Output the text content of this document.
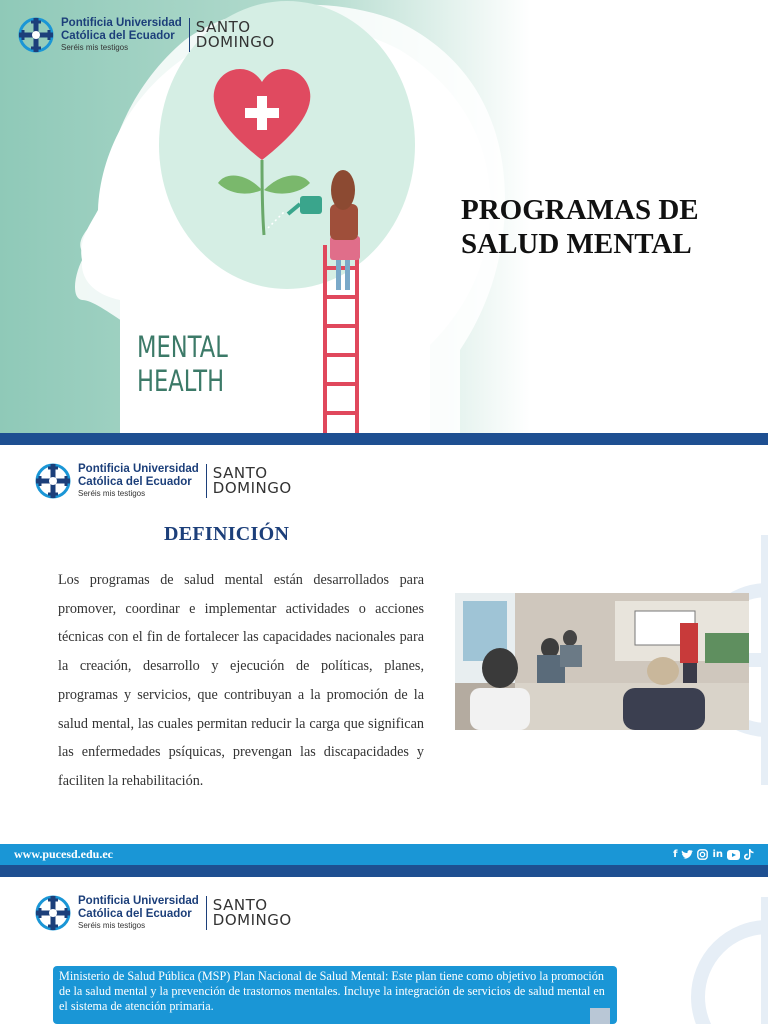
MENTAL
HEALTH
Pontificia Universidad
Católica del Ecuador
Seréis mis testigos
SANTO
DOMINGO
PROGRAMAS DE
SALUD MENTAL
Pontificia Universidad
Católica del Ecuador
Seréis mis testigos
SANTO
DOMINGO
DEFINICIÓN

Los programas de salud mental están desarrollados para promover, coordinar e implementar actividades o acciones técnicas con el fin de fortalecer las capacidades nacionales para la creación, desarrollo y ejecución de políticas, planes, programas y servicios, que contribuyan a la promoción de la salud mental, las cuales permitan reducir la carga que significan las enfermedades psíquicas, prevengan las discapacidades y faciliten la rehabilitación.

www.pucesd.edu.ec	f	in
Pontificia Universidad
Católica del Ecuador
Seréis mis testigos
SANTO
DOMINGO

Ministerio de Salud Pública (MSP) Plan Nacional de Salud Mental: Este plan tiene como objetivo la promoción de la salud mental y la prevención de trastornos mentales. Incluye la integración de servicios de salud mental en el sistema de atención primaria.
